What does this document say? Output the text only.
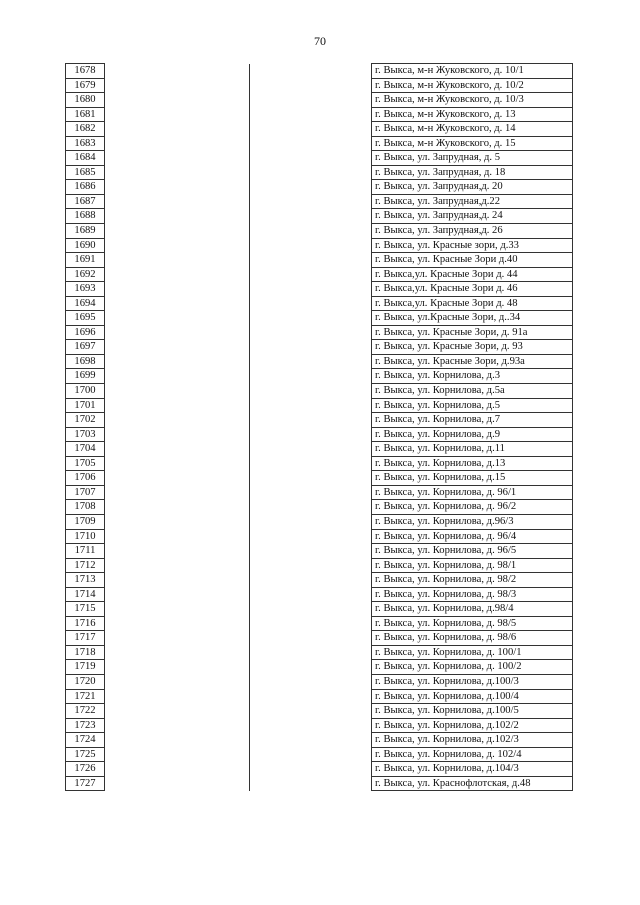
70
1678			г. Выкса, м-н Жуковского, д. 10/1
1679			г. Выкса, м-н Жуковского, д. 10/2
1680			г. Выкса, м-н Жуковского, д. 10/3
1681			г. Выкса, м-н Жуковского, д. 13
1682			г. Выкса, м-н Жуковского, д. 14
1683			г. Выкса, м-н Жуковского, д. 15
1684			г. Выкса, ул. Запрудная, д. 5
1685			г. Выкса, ул. Запрудная, д. 18
1686			г. Выкса, ул. Запрудная,д. 20
1687			г. Выкса, ул. Запрудная,д.22
1688			г. Выкса, ул. Запрудная,д. 24
1689			г. Выкса, ул. Запрудная,д. 26
1690			г. Выкса, ул. Красные зори, д.33
1691			г. Выкса, ул. Красные Зори д.40
1692			г. Выкса,ул. Красные Зори д. 44
1693			г. Выкса,ул. Красные Зори д. 46
1694			г. Выкса,ул. Красные Зори д. 48
1695			г. Выкса, ул.Красные Зори, д..34
1696			г. Выкса, ул. Красные Зори, д. 91а
1697			г. Выкса, ул. Красные Зори, д. 93
1698			г. Выкса, ул. Красные Зори, д.93а
1699			г. Выкса, ул. Корнилова, д.3
1700			г. Выкса, ул. Корнилова, д.5а
1701			г. Выкса, ул. Корнилова, д.5
1702			г. Выкса, ул. Корнилова, д.7
1703			г. Выкса, ул. Корнилова, д.9
1704			г. Выкса, ул. Корнилова, д.11
1705			г. Выкса, ул. Корнилова, д.13
1706			г. Выкса, ул. Корнилова, д.15
1707			г. Выкса, ул. Корнилова, д. 96/1
1708			г. Выкса, ул. Корнилова, д. 96/2
1709			г. Выкса, ул. Корнилова, д.96/3
1710			г. Выкса, ул. Корнилова, д. 96/4
1711			г. Выкса, ул. Корнилова, д. 96/5
1712			г. Выкса, ул. Корнилова, д. 98/1
1713			г. Выкса, ул. Корнилова, д. 98/2
1714			г. Выкса, ул. Корнилова, д. 98/3
1715			г. Выкса, ул. Корнилова, д.98/4
1716			г. Выкса, ул. Корнилова, д. 98/5
1717			г. Выкса, ул. Корнилова, д. 98/6
1718			г. Выкса, ул. Корнилова, д. 100/1
1719			г. Выкса, ул. Корнилова, д. 100/2
1720			г. Выкса, ул. Корнилова, д.100/3
1721			г. Выкса, ул. Корнилова, д.100/4
1722			г. Выкса, ул. Корнилова, д.100/5
1723			г. Выкса, ул. Корнилова, д.102/2
1724			г. Выкса, ул. Корнилова, д.102/3
1725			г. Выкса, ул. Корнилова, д. 102/4
1726			г. Выкса, ул. Корнилова, д.104/3
1727			г. Выкса, ул. Краснофлотская, д.48
